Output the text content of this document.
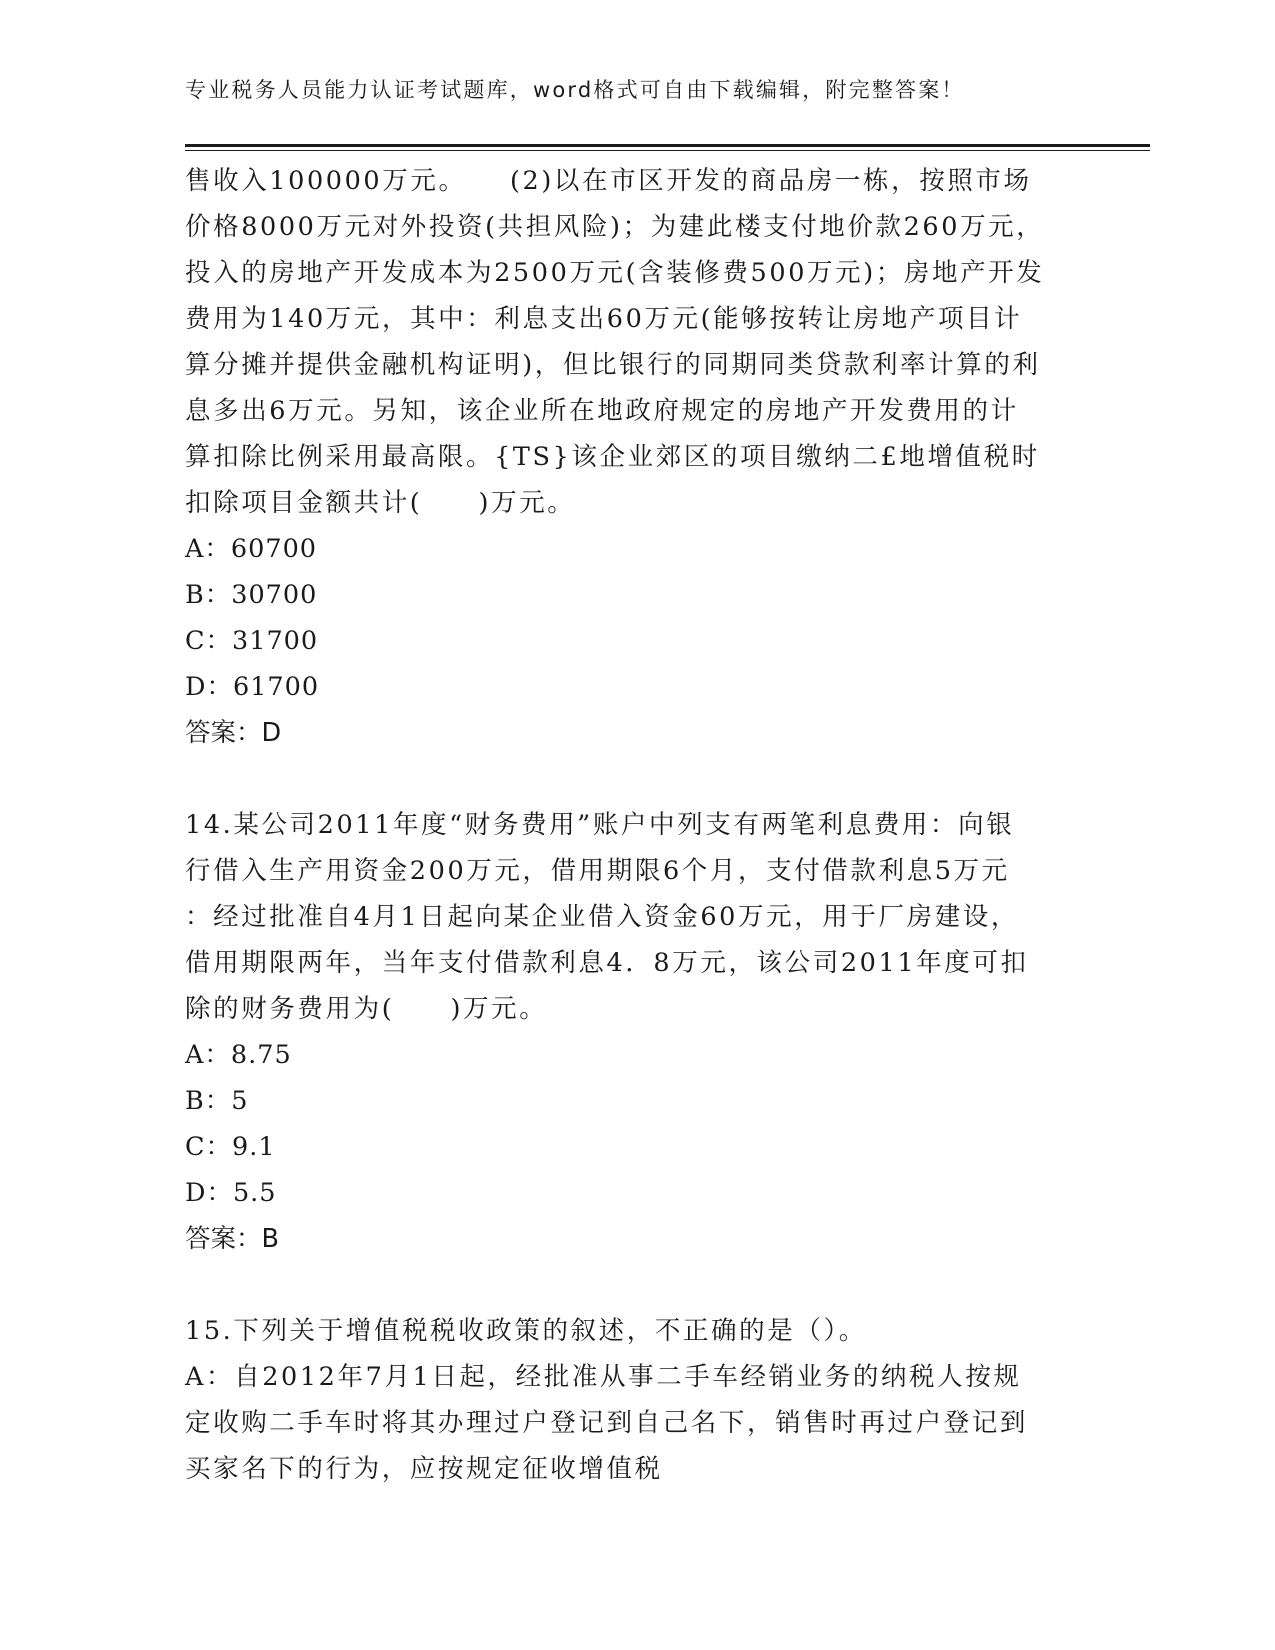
专业税务人员能力认证考试题库，word格式可自由下载编辑，附完整答案！
售收入100000万元。　　(2)以在市区开发的商品房一栋，按照市场
价格8000万元对外投资(共担风险)；为建此楼支付地价款260万元，
投入的房地产开发成本为2500万元(含装修费500万元)；房地产开发
费用为140万元，其中：利息支出60万元(能够按转让房地产项目计
算分摊并提供金融机构证明)，但比银行的同期同类贷款利率计算的利
息多出6万元。另知，该企业所在地政府规定的房地产开发费用的计
算扣除比例采用最高限。{TS}该企业郊区的项目缴纳二£地增值税时
扣除项目金额共计(　　)万元。
A：60700
B：30700
C：31700
D：61700
答案：D
14.某公司2011年度“财务费用”账户中列支有两笔利息费用：向银
行借入生产用资金200万元，借用期限6个月，支付借款利息5万元
：经过批准自4月1日起向某企业借入资金60万元，用于厂房建设，
借用期限两年，当年支付借款利息4．8万元，该公司2011年度可扣
除的财务费用为(　　)万元。
A：8.75
B：5
C：9.1
D：5.5
答案：B
15.下列关于增值税税收政策的叙述，不正确的是（）。
A：自2012年7月1日起，经批准从事二手车经销业务的纳税人按规
定收购二手车时将其办理过户登记到自己名下，销售时再过户登记到
买家名下的行为，应按规定征收增值税
